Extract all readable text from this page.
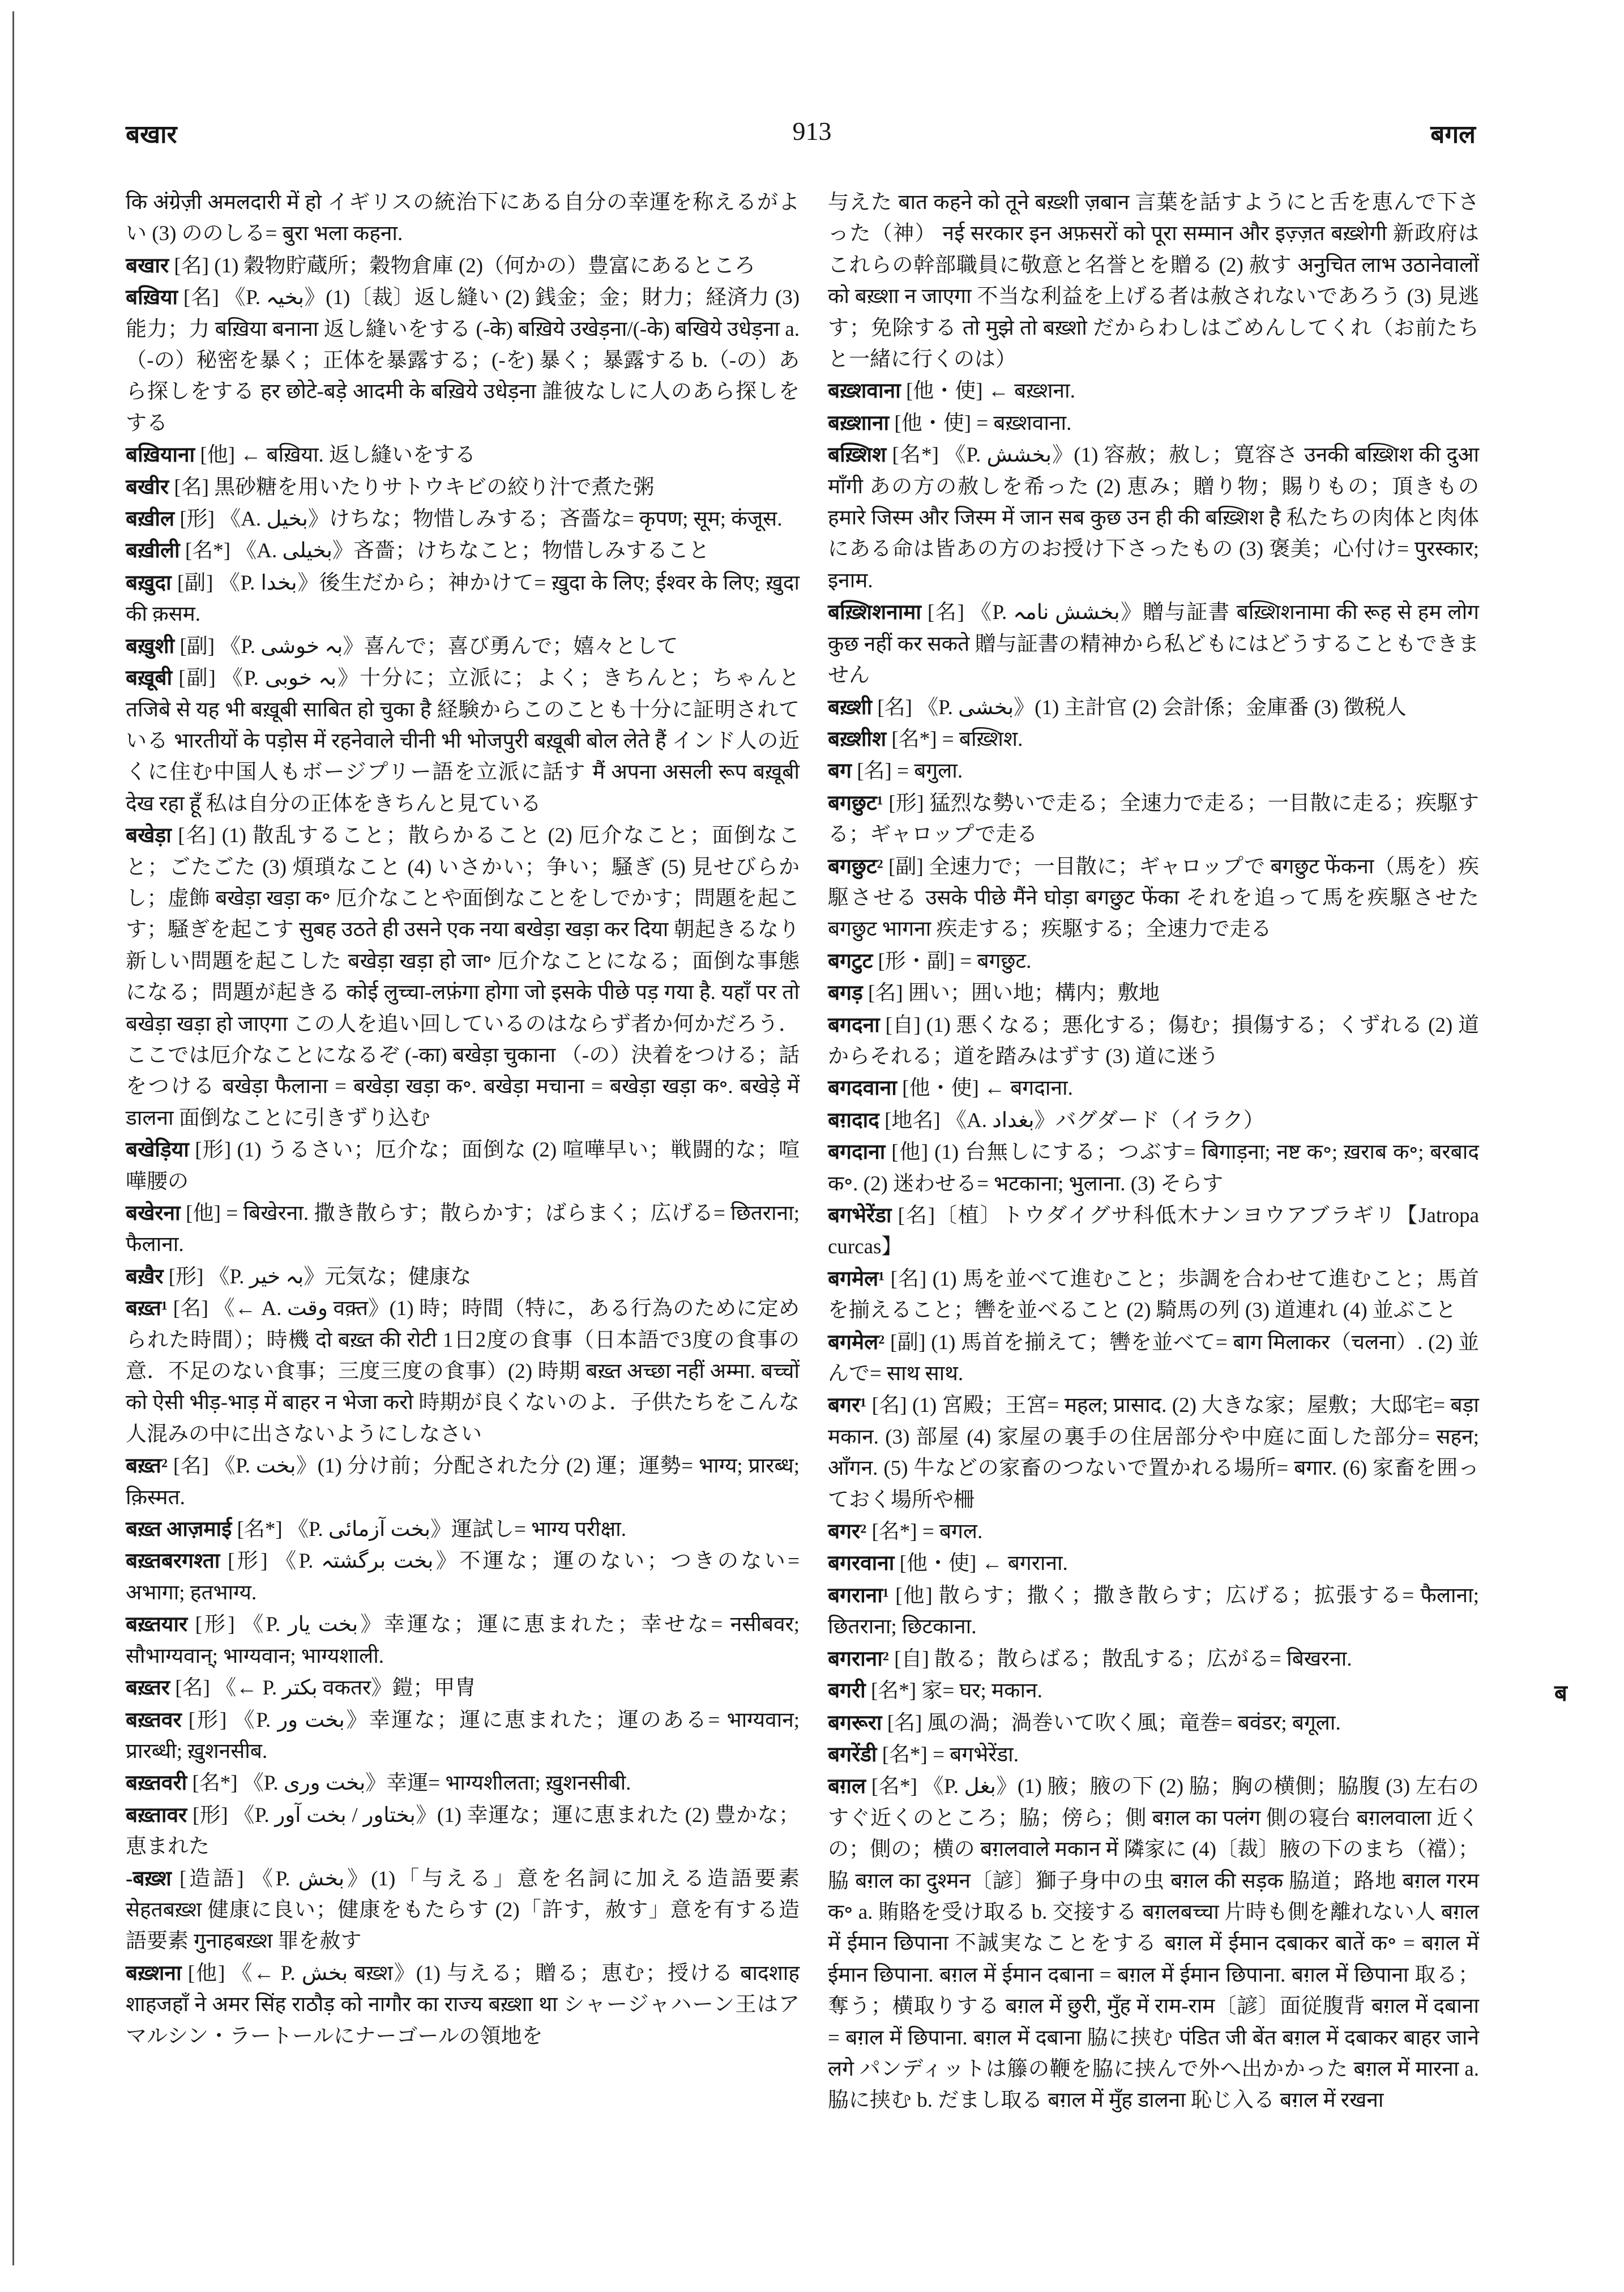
बखार	913	बगल
कि अंग्रेज़ी अमलदारी में हो イギリスの統治下にある自分の幸運を称えるがよい (3) ののしる= बुरा भला कहना.
बखार [名] (1) 穀物貯蔵所；穀物倉庫 (2)（何かの）豊富にあるところ
बख़िया [名] 《P. بخیہ》(1)〔裁〕返し縫い (2) 銭金；金；財力；経済力 (3) 能力；力 बख़िया बनाना 返し縫いをする (-के) बख़िये उखेड़ना/(-के) बखिये उधेड़ना a.（-の）秘密を暴く；正体を暴露する；(-を) 暴く；暴露する b.（-の）あら探しをする हर छोटे-बड़े आदमी के बख़िये उधेड़ना 誰彼なしに人のあら探しをする
बख़ियाना [他] ← बख़िया. 返し縫いをする
बखीर [名] 黒砂糖を用いたりサトウキビの絞り汁で煮た粥
बख़ील [形] 《A. بخیل》けちな；物惜しみする；吝嗇な= कृपण; सूम; कंजूस.
बख़ीली [名*] 《A. بخیلی》吝嗇；けちなこと；物惜しみすること
बख़ुदा [副] 《P. بخدا》後生だから；神かけて= ख़ुदा के लिए; ईश्वर के लिए; ख़ुदा की क़सम.
बख़ुशी [副] 《P. بہ خوشی》喜んで；喜び勇んで；嬉々として
बख़ूबी [副] 《P. بہ خوبی》十分に；立派に；よく；きちんと；ちゃんと तजिबे से यह भी बख़ूबी साबित हो चुका है 経験からこのことも十分に証明されている भारतीयों के पड़ोस में रहनेवाले चीनी भी भोजपुरी बख़ूबी बोल लेते हैं インド人の近くに住む中国人もボージプリー語を立派に話す मैं अपना असली रूप बख़ूबी देख रहा हूँ 私は自分の正体をきちんと見ている
बखेड़ा [名] (1) 散乱すること；散らかること (2) 厄介なこと；面倒なこと；ごたごた (3) 煩瑣なこと (4) いさかい；争い；騒ぎ (5) 見せびらかし；虚飾 बखेड़ा खड़ा क॰ 厄介なことや面倒なことをしでかす；問題を起こす；騒ぎを起こす सुबह उठते ही उसने एक नया बखेड़ा खड़ा कर दिया 朝起きるなり新しい問題を起こした बखेड़ा खड़ा हो जा॰ 厄介なことになる；面倒な事態になる；問題が起きる कोई लुच्चा-लफ़ंगा होगा जो इसके पीछे पड़ गया है. यहाँ पर तो बखेड़ा खड़ा हो जाएगा この人を追い回しているのはならず者か何かだろう．ここでは厄介なことになるぞ (-का) बखेड़ा चुकाना （-の）決着をつける；話をつける बखेड़ा फैलाना = बखेड़ा खड़ा क॰. बखेड़ा मचाना = बखेड़ा खड़ा क॰. बखेड़े में डालना 面倒なことに引きずり込む
बखेड़िया [形] (1) うるさい；厄介な；面倒な (2) 喧嘩早い；戦闘的な；喧嘩腰の
बखेरना [他] = बिखेरना. 撒き散らす；散らかす；ばらまく；広げる= छितराना; फैलाना.
बख़ैर [形] 《P. بہ خیر》元気な；健康な
बख़्त¹ [名] 《← A. وقت वक़्त》(1) 時；時間（特に，ある行為のために定められた時間）；時機 दो बख़्त की रोटी 1日2度の食事（日本語で3度の食事の意．不足のない食事；三度三度の食事）(2) 時期 बख़्त अच्छा नहीं अम्मा. बच्चों को ऐसी भीड़-भाड़ में बाहर न भेजा करो 時期が良くないのよ．子供たちをこんな人混みの中に出さないようにしなさい
बख़्त² [名] 《P. بخت》(1) 分け前；分配された分 (2) 運；運勢= भाग्य; प्रारब्ध; क़िस्मत.
बख़्त आज़माई [名*] 《P. بخت آزمائی》運試し= भाग्य परीक्षा.
बख़्तबरगश्ता [形] 《P. بخت برگشتہ》不運な；運のない；つきのない= अभागा; हतभाग्य.
बख़्तयार [形] 《P. بخت یار》幸運な；運に恵まれた；幸せな= नसीबवर; सौभाग्यवान्; भाग्यवान; भाग्यशाली.
बख़्तर [名] 《← P. بکتر वकतर》鎧；甲冑
बख़्तवर [形] 《P. بخت ور》幸運な；運に恵まれた；運のある= भाग्यवान; प्रारब्धी; ख़ुशनसीब.
बख़्तवरी [名*] 《P. بخت وری》幸運= भाग्यशीलता; ख़ुशनसीबी.
बख़्तावर [形] 《P. بختاور / بخت آور》(1) 幸運な；運に恵まれた (2) 豊かな；恵まれた
-बख़्श [造語] 《P. بخش》(1)「与える」意を名詞に加える造語要素 सेहतबख़्श 健康に良い；健康をもたらす (2)「許す，赦す」意を有する造語要素 गुनाहबख़्श 罪を赦す
बख़्शना [他] 《← P. بخش बख़्श》(1) 与える；贈る；恵む；授ける बादशाह शाहजहाँ ने अमर सिंह राठौड़ को नागौर का राज्य बख़्शा था シャージャハーン王はアマルシン・ラートールにナーゴールの領地を
与えた बात कहने को तूने बख़्शी ज़बान 言葉を話すようにと舌を恵んで下さった（神） नई सरकार इन अफ़सरों को पूरा सम्मान और इज़्ज़त बख़्शेगी 新政府はこれらの幹部職員に敬意と名誉とを贈る (2) 赦す अनुचित लाभ उठानेवालों को बख़्शा न जाएगा 不当な利益を上げる者は赦されないであろう (3) 見逃す；免除する तो मुझे तो बख़्शो だからわしはごめんしてくれ（お前たちと一緒に行くのは）
बख़्शवाना [他・使] ← बख़्शना.
बख़्शाना [他・使] = बख़्शवाना.
बख़्शिश [名*] 《P. بخشش》(1) 容赦；赦し；寛容さ उनकी बख़्शिश की दुआ माँगी あの方の赦しを希った (2) 恵み；贈り物；賜りもの；頂きもの हमारे जिस्म और जिस्म में जान सब कुछ उन ही की बख़्शिश है 私たちの肉体と肉体にある命は皆あの方のお授け下さったもの (3) 褒美；心付け= पुरस्कार; इनाम.
बख़्शिशनामा [名] 《P. بخشش نامہ》贈与証書 बख़्शिशनामा की रूह से हम लोग कुछ नहीं कर सकते 贈与証書の精神から私どもにはどうすることもできません
बख़्शी [名] 《P. بخشی》(1) 主計官 (2) 会計係；金庫番 (3) 徴税人
बख़्शीश [名*] = बख़्शिश.
बग [名] = बगुला.
बगछुट¹ [形] 猛烈な勢いで走る；全速力で走る；一目散に走る；疾駆する；ギャロップで走る
बगछुट² [副] 全速力で；一目散に；ギャロップで बगछुट फेंकना（馬を）疾駆させる उसके पीछे मैंने घोड़ा बगछुट फेंका それを追って馬を疾駆させた बगछुट भागना 疾走する；疾駆する；全速力で走る
बगटुट [形・副] = बगछुट.
बगड़ [名] 囲い；囲い地；構内；敷地
बगदना [自] (1) 悪くなる；悪化する；傷む；損傷する；くずれる (2) 道からそれる；道を踏みはずす (3) 道に迷う
बगदवाना [他・使] ← बगदाना.
बग़दाद [地名] 《A. بغداد》バグダード（イラク）
बगदाना [他] (1) 台無しにする；つぶす= बिगाड़ना; नष्ट क॰; ख़राब क॰; बरबाद क॰. (2) 迷わせる= भटकाना; भुलाना. (3) そらす
बगभेरेंडा [名]〔植〕トウダイグサ科低木ナンヨウアブラギリ【Jatropa curcas】
बगमेल¹ [名] (1) 馬を並べて進むこと；歩調を合わせて進むこと；馬首を揃えること；轡を並べること (2) 騎馬の列 (3) 道連れ (4) 並ぶこと
बगमेल² [副] (1) 馬首を揃えて；轡を並べて= बाग मिलाकर（चलना）. (2) 並んで= साथ साथ.
बगर¹ [名] (1) 宮殿；王宮= महल; प्रासाद. (2) 大きな家；屋敷；大邸宅= बड़ा मकान. (3) 部屋 (4) 家屋の裏手の住居部分や中庭に面した部分= सहन; आँगन. (5) 牛などの家畜のつないで置かれる場所= बगार. (6) 家畜を囲っておく場所や柵
बगर² [名*] = बगल.
बगरवाना [他・使] ← बगराना.
बगराना¹ [他] 散らす；撒く；撒き散らす；広げる；拡張する= फैलाना; छितराना; छिटकाना.
बगराना² [自] 散る；散らばる；散乱する；広がる= बिखरना.
बगरी [名*] 家= घर; मकान.
बगरूरा [名] 風の渦；渦巻いて吹く風；竜巻= बवंडर; बगूला.
बगरेंडी [名*] = बगभेरेंडा.
बग़ल [名*] 《P. بغل》(1) 腋；腋の下 (2) 脇；胸の横側；脇腹 (3) 左右のすぐ近くのところ；脇；傍ら；側 बग़ल का पलंग 側の寝台 बग़लवाला 近くの；側の；横の बग़लवाले मकान में 隣家に (4)〔裁〕腋の下のまち（襠）；脇 बग़ल का दुश्मन〔諺〕獅子身中の虫 बग़ल की सड़क 脇道；路地 बग़ल गरम क॰ a. 賄賂を受け取る b. 交接する बग़लबच्चा 片時も側を離れない人 बग़ल में ईमान छिपाना 不誠実なことをする बग़ल में ईमान दबाकर बातें क॰ = बग़ल में ईमान छिपाना. बग़ल में ईमान दबाना = बग़ल में ईमान छिपाना. बग़ल में छिपाना 取る；奪う；横取りする बग़ल में छुरी, मुँह में राम-राम〔諺〕面従腹背 बग़ल में दबाना = बग़ल में छिपाना. बग़ल में दबाना 脇に挟む पंडित जी बेंत बग़ल में दबाकर बाहर जाने लगे パンディットは籐の鞭を脇に挟んで外へ出かかった बग़ल में मारना a. 脇に挟む b. だまし取る बग़ल में मुँह डालना 恥じ入る बग़ल में रखना
ब
